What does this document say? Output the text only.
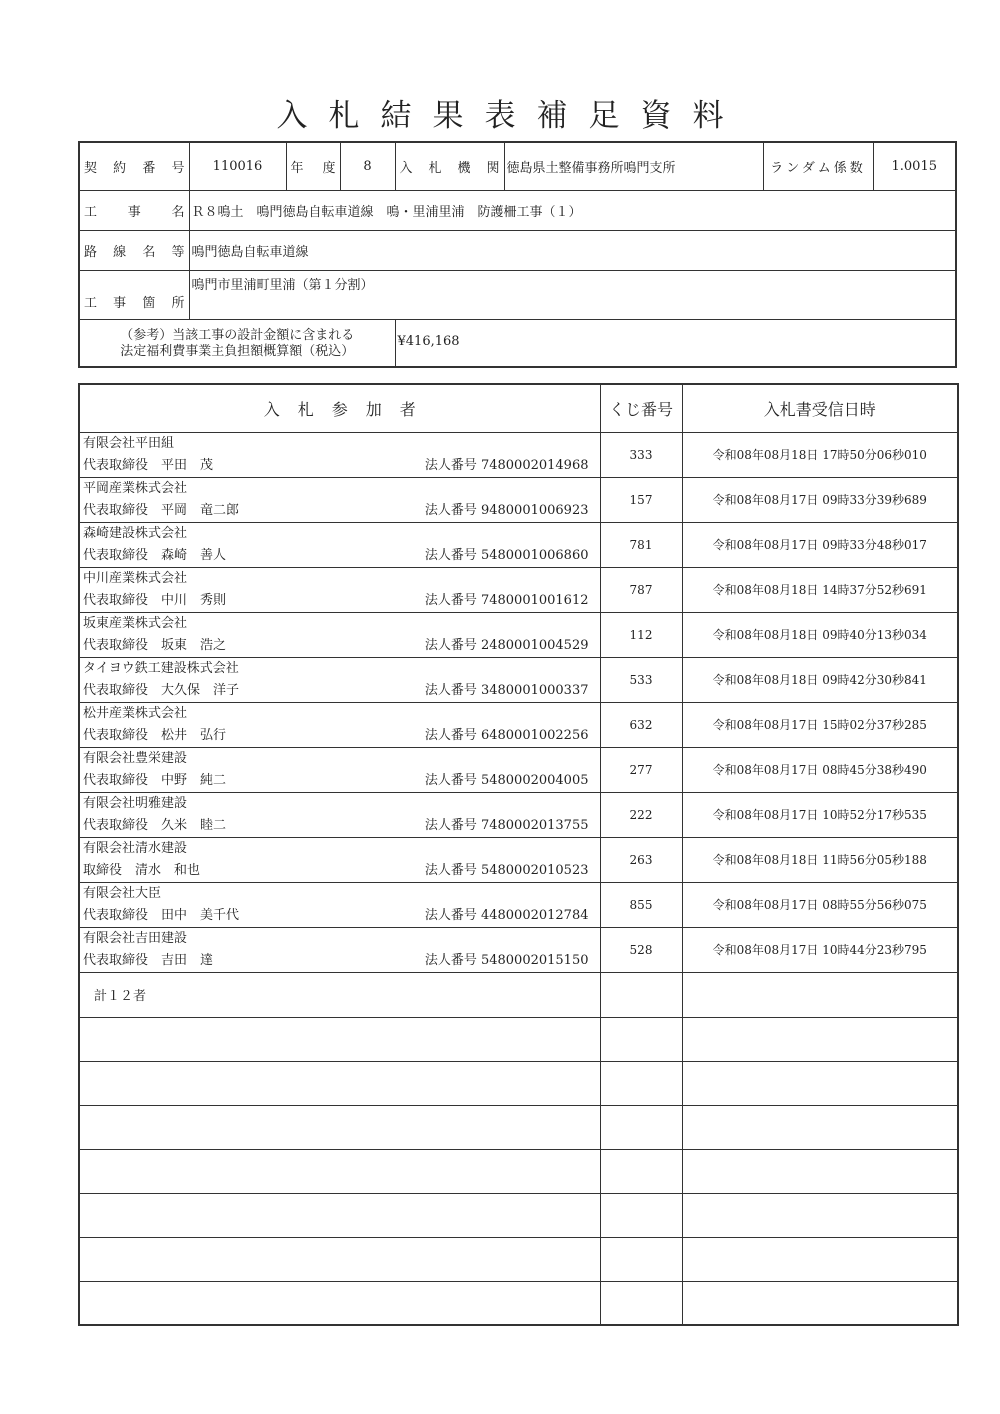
入札結果表補足資料
契 約 番 号	110016	年 度	8	入 札 機 関	徳島県土整備事務所鳴門支所	ランダム係数	1.0015

工 事 名	Ｒ８鳴土　鳴門徳島自転車道線　鳴・里浦里浦　防護柵工事（１）						

路 線 名 等	鳴門徳島自転車道線						

工 事 箇 所	鳴門市里浦町里浦（第１分割）						

（参考）当該工事の設計金額に含まれる
法定福利費事業主負担額概算額（税込）				¥416,168			
入札参加者	くじ番号	入札書受信日時

有限会社平田組
代表取締役　平田　茂 法人番号 7480002014968	333	令和08年08月18日 17時50分06秒010

平岡産業株式会社
代表取締役　平岡　竜二郎 法人番号 9480001006923	157	令和08年08月17日 09時33分39秒689

森崎建設株式会社
代表取締役　森崎　善人 法人番号 5480001006860	781	令和08年08月17日 09時33分48秒017

中川産業株式会社
代表取締役　中川　秀則 法人番号 7480001001612	787	令和08年08月18日 14時37分52秒691

坂東産業株式会社
代表取締役　坂東　浩之 法人番号 2480001004529	112	令和08年08月18日 09時40分13秒034

タイヨウ鉄工建設株式会社
代表取締役　大久保　洋子 法人番号 3480001000337	533	令和08年08月18日 09時42分30秒841

松井産業株式会社
代表取締役　松井　弘行 法人番号 6480001002256	632	令和08年08月17日 15時02分37秒285

有限会社豊栄建設
代表取締役　中野　純二 法人番号 5480002004005	277	令和08年08月17日 08時45分38秒490

有限会社明雅建設
代表取締役　久米　睦二 法人番号 7480002013755	222	令和08年08月17日 10時52分17秒535

有限会社清水建設
取締役　清水　和也 法人番号 5480002010523	263	令和08年08月18日 11時56分05秒188

有限会社大臣
代表取締役　田中　美千代 法人番号 4480002012784	855	令和08年08月17日 08時55分56秒075

有限会社吉田建設
代表取締役　吉田　達 法人番号 5480002015150	528	令和08年08月17日 10時44分23秒795
計１２者		
